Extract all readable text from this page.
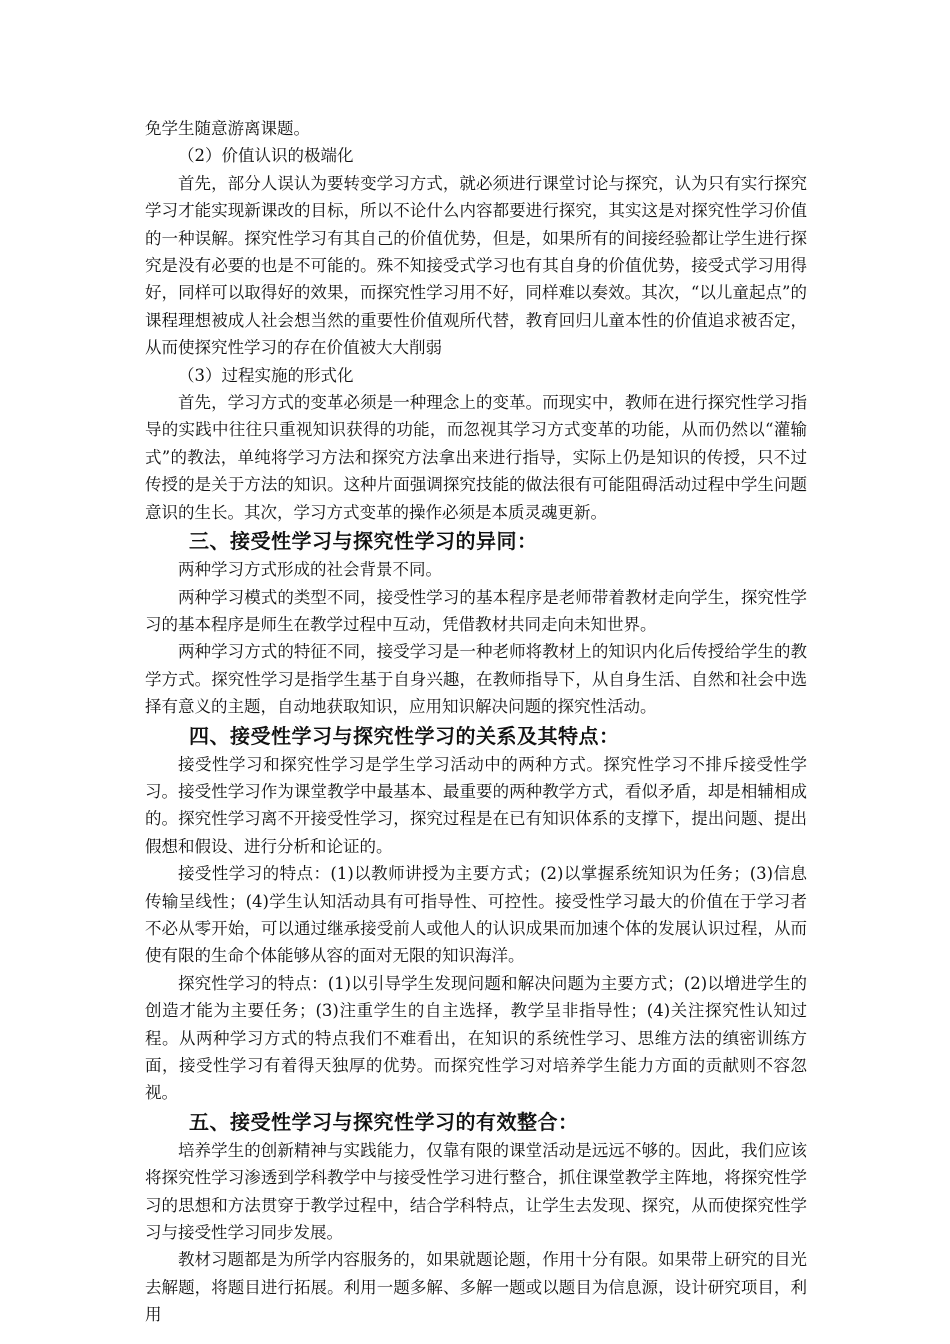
免学生随意游离课题。

（2）价值认识的极端化

首先，部分人误认为要转变学习方式，就必须进行课堂讨论与探究，认为只有实行探究学习才能实现新课改的目标，所以不论什么内容都要进行探究，其实这是对探究性学习价值的一种误解。探究性学习有其自己的价值优势，但是，如果所有的间接经验都让学生进行探究是没有必要的也是不可能的。殊不知接受式学习也有其自身的价值优势，接受式学习用得好，同样可以取得好的效果，而探究性学习用不好，同样难以奏效。其次，“以儿童起点”的课程理想被成人社会想当然的重要性价值观所代替，教育回归儿童本性的价值追求被否定，从而使探究性学习的存在价值被大大削弱

（3）过程实施的形式化

首先，学习方式的变革必须是一种理念上的变革。而现实中，教师在进行探究性学习指导的实践中往往只重视知识获得的功能，而忽视其学习方式变革的功能，从而仍然以“灌输式”的教法，单纯将学习方法和探究方法拿出来进行指导，实际上仍是知识的传授，只不过传授的是关于方法的知识。这种片面强调探究技能的做法很有可能阻碍活动过程中学生问题意识的生长。其次，学习方式变革的操作必须是本质灵魂更新。

三、接受性学习与探究性学习的异同：

两种学习方式形成的社会背景不同。

两种学习模式的类型不同，接受性学习的基本程序是老师带着教材走向学生，探究性学习的基本程序是师生在教学过程中互动，凭借教材共同走向未知世界。

两种学习方式的特征不同，接受学习是一种老师将教材上的知识内化后传授给学生的教学方式。探究性学习是指学生基于自身兴趣，在教师指导下，从自身生活、自然和社会中选择有意义的主题，自动地获取知识，应用知识解决问题的探究性活动。

四、接受性学习与探究性学习的关系及其特点：

接受性学习和探究性学习是学生学习活动中的两种方式。探究性学习不排斥接受性学习。接受性学习作为课堂教学中最基本、最重要的两种教学方式，看似矛盾，却是相辅相成的。探究性学习离不开接受性学习，探究过程是在已有知识体系的支撑下，提出问题、提出假想和假设、进行分析和论证的。

接受性学习的特点：(1)以教师讲授为主要方式；(2)以掌握系统知识为任务；(3)信息传输呈线性；(4)学生认知活动具有可指导性、可控性。接受性学习最大的价值在于学习者不必从零开始，可以通过继承接受前人或他人的认识成果而加速个体的发展认识过程，从而使有限的生命个体能够从容的面对无限的知识海洋。

探究性学习的特点：(1)以引导学生发现问题和解决问题为主要方式；(2)以增进学生的创造才能为主要任务；(3)注重学生的自主选择，教学呈非指导性；(4)关注探究性认知过程。从两种学习方式的特点我们不难看出，在知识的系统性学习、思维方法的缜密训练方面，接受性学习有着得天独厚的优势。而探究性学习对培养学生能力方面的贡献则不容忽视。

五、接受性学习与探究性学习的有效整合：

培养学生的创新精神与实践能力，仅靠有限的课堂活动是远远不够的。因此，我们应该将探究性学习渗透到学科教学中与接受性学习进行整合，抓住课堂教学主阵地，将探究性学习的思想和方法贯穿于教学过程中，结合学科特点，让学生去发现、探究，从而使探究性学习与接受性学习同步发展。

教材习题都是为所学内容服务的，如果就题论题，作用十分有限。如果带上研究的目光去解题，将题目进行拓展。利用一题多解、多解一题或以题目为信息源，设计研究项目，利用
